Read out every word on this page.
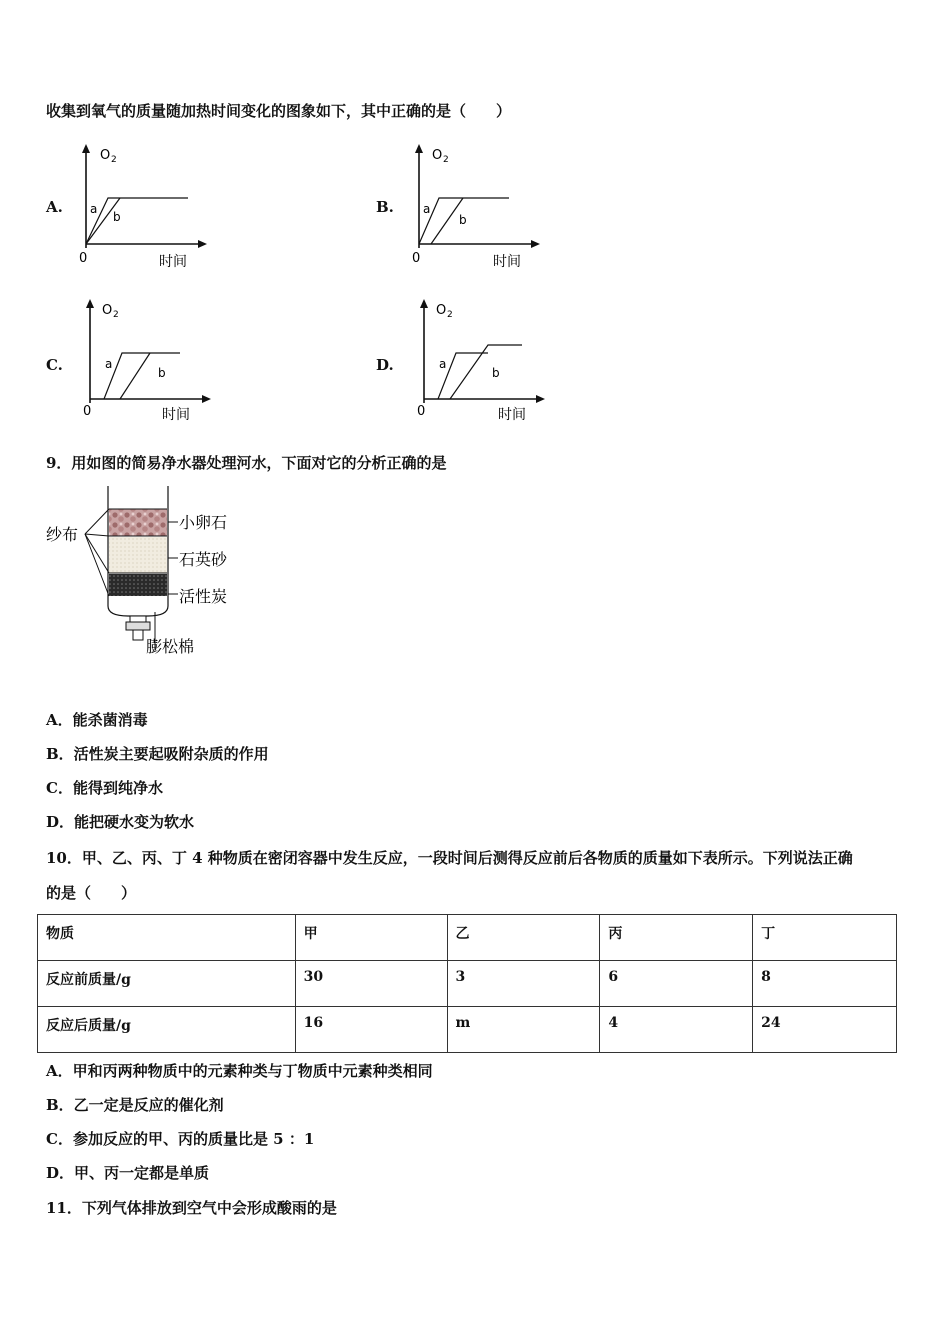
收集到氧气的质量随加热时间变化的图象如下，其中正确的是（　　）
A.
O 2
a
b
0	时间
B.
O 2
a
b
0	时间
C.
O 2
a
b
0	时间
D.
O 2
a
b
0	时间
9．用如图的简易净水器处理河水，下面对它的分析正确的是
纱布
小卵石
石英砂
活性炭
膨松棉
A．能杀菌消毒
B．活性炭主要起吸附杂质的作用
C．能得到纯净水
D．能把硬水变为软水
10．甲、乙、丙、丁 4 种物质在密闭容器中发生反应，一段时间后测得反应前后各物质的质量如下表所示。下列说法正确
的是（　　）
物质	甲	乙	丙	丁
反应前质量/g	30	3	6	8
反应后质量/g	16	m	4	24
A．甲和丙两种物质中的元素种类与丁物质中元素种类相同
B．乙一定是反应的催化剂
C．参加反应的甲、丙的质量比是 5 ：1
D．甲、丙一定都是单质
11．下列气体排放到空气中会形成酸雨的是
